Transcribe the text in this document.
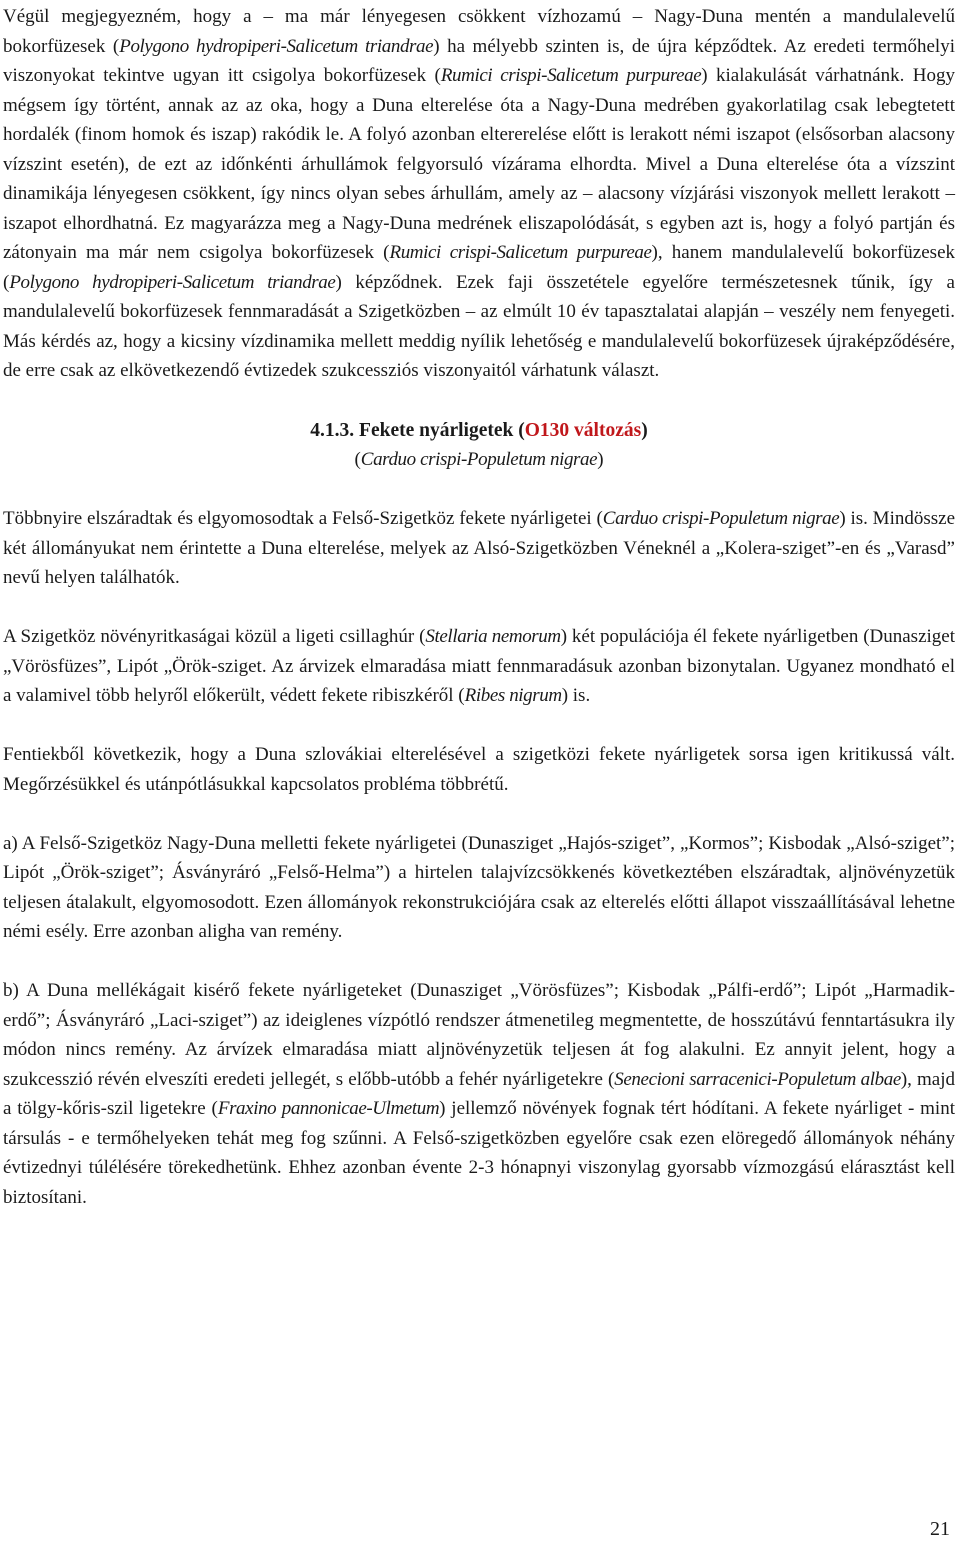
Végül megjegyezném, hogy a – ma már lényegesen csökkent vízhozamú – Nagy-Duna mentén a mandulalevelű bokorfüzesek (Polygono hydropiperi-Salicetum triandrae) ha mélyebb szinten is, de újra képződtek. Az eredeti termőhelyi viszonyokat tekintve ugyan itt csigolya bokorfüzesek (Rumici crispi-Salicetum purpureae) kialakulását várhatnánk. Hogy mégsem így történt, annak az az oka, hogy a Duna elterelése óta a Nagy-Duna medrében gyakorlatilag csak lebegtetett hordalék (finom homok és iszap) rakódik le. A folyó azonban eltererelése előtt is lerakott némi iszapot (elsősorban alacsony vízszint esetén), de ezt az időnkénti árhullámok felgyorsuló vízárama elhordta. Mivel a Duna elterelése óta a vízszint dinamikája lényegesen csökkent, így nincs olyan sebes árhullám, amely az – alacsony vízjárási viszonyok mellett lerakott – iszapot elhordhatná. Ez magyarázza meg a Nagy-Duna medrének eliszapolódását, s egyben azt is, hogy a folyó partján és zátonyain ma már nem csigolya bokorfüzesek (Rumici crispi-Salicetum purpureae), hanem mandulalevelű bokorfüzesek (Polygono hydropiperi-Salicetum triandrae) képződnek. Ezek faji összetétele egyelőre természetesnek tűnik, így a mandulalevelű bokorfüzesek fennmaradását a Szigetközben – az elmúlt 10 év tapasztalatai alapján – veszély nem fenyegeti. Más kérdés az, hogy a kicsiny vízdinamika mellett meddig nyílik lehetőség e mandulalevelű bokorfüzesek újraképződésére, de erre csak az elkövetkezendő évtizedek szukcessziós viszonyaitól várhatunk választ.

4.1.3. Fekete nyárligetek (O130 változás)
(Carduo crispi-Populetum nigrae)

Többnyire elszáradtak és elgyomosodtak a Felső-Szigetköz fekete nyárligetei (Carduo crispi-Populetum nigrae) is. Mindössze két állományukat nem érintette a Duna elterelése, melyek az Alsó-Szigetközben Véneknél a „Kolera-sziget”-en és „Varasd” nevű helyen találhatók.

A Szigetköz növényritkaságai közül a ligeti csillaghúr (Stellaria nemorum) két populációja él fekete nyárligetben (Dunasziget „Vörösfüzes”, Lipót „Örök-sziget. Az árvizek elmaradása miatt fennmaradásuk azonban bizonytalan. Ugyanez mondható el a valamivel több helyről előkerült, védett fekete ribiszkéről (Ribes nigrum) is.

Fentiekből következik, hogy a Duna szlovákiai elterelésével a szigetközi fekete nyárligetek sorsa igen kritikussá vált. Megőrzésükkel és utánpótlásukkal kapcsolatos probléma többrétű.

a) A Felső-Szigetköz Nagy-Duna melletti fekete nyárligetei (Dunasziget „Hajós-sziget”, „Kormos”; Kisbodak „Alsó-sziget”; Lipót „Örök-sziget”; Ásványráró „Felső-Helma”) a hirtelen talajvízcsökkenés következtében elszáradtak, aljnövényzetük teljesen átalakult, elgyomosodott. Ezen állományok rekonstrukciójára csak az elterelés előtti állapot visszaállításával lehetne némi esély. Erre azonban aligha van remény.

b) A Duna mellékágait kisérő fekete nyárligeteket (Dunasziget „Vörösfüzes”; Kisbodak „Pálfi-erdő”; Lipót „Harmadik-erdő”; Ásványráró „Laci-sziget”) az ideiglenes vízpótló rendszer átmenetileg megmentette, de hosszútávú fenntartásukra ily módon nincs remény. Az árvízek elmaradása miatt aljnövényzetük teljesen át fog alakulni. Ez annyit jelent, hogy a szukcesszió révén elveszíti eredeti jellegét, s előbb-utóbb a fehér nyárligetekre (Senecioni sarracenici-Populetum albae), majd a tölgy-kőris-szil ligetekre (Fraxino pannonicae-Ulmetum) jellemző növények fognak tért hódítani. A fekete nyárliget - mint társulás - e termőhelyeken tehát meg fog szűnni. A Felső-szigetközben egyelőre csak ezen elöregedő állományok néhány évtizednyi túlélésére törekedhetünk. Ehhez azonban évente 2-3 hónapnyi viszonylag gyorsabb vízmozgású elárasztást kell biztosítani.

21
